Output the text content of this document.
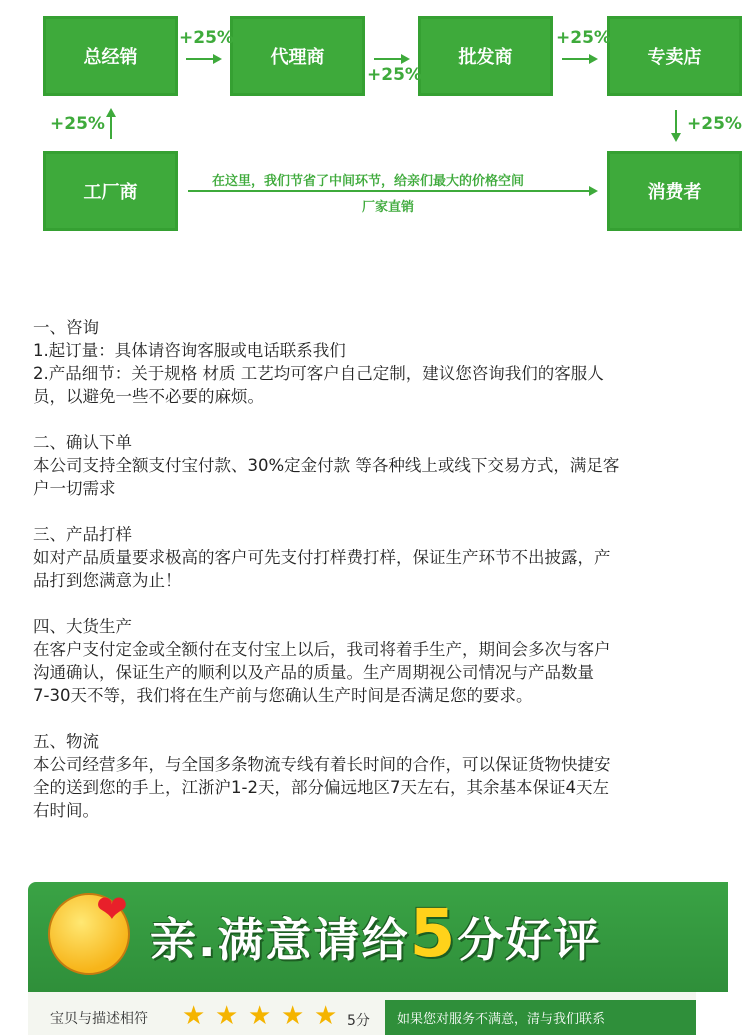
总经销	代理商	批发商	专卖店
工厂商	消费者
+25%
+25%
+25%
+25%	+25%
在这里，我们节省了中间环节，给亲们最大的价格空间
厂家直销

一、咨询

1.起订量：具体请咨询客服或电话联系我们

2.产品细节：关于规格 材质 工艺均可客户自己定制，建议您咨询我们的客服人

员，以避免一些不必要的麻烦。

二、确认下单

本公司支持全额支付宝付款、30%定金付款 等各种线上或线下交易方式，满足客

户一切需求

三、产品打样

如对产品质量要求极高的客户可先支付打样费打样，保证生产环节不出披露，产

品打到您满意为止！

四、大货生产

在客户支付定金或全额付在支付宝上以后，我司将着手生产，期间会多次与客户

沟通确认，保证生产的顺利以及产品的质量。生产周期视公司情况与产品数量

7-30天不等，我们将在生产前与您确认生产时间是否满足您的要求。

五、物流

本公司经营多年，与全国多条物流专线有着长时间的合作，可以保证货物快捷安

全的送到您的手上，江浙沪1-2天，部分偏远地区7天左右，其余基本保证4天左

右时间。

❤
亲.满意请给5分好评
宝贝与描述相符 ★ ★ ★ ★ ★ 5分	如果您对服务不满意，清与我们联系
